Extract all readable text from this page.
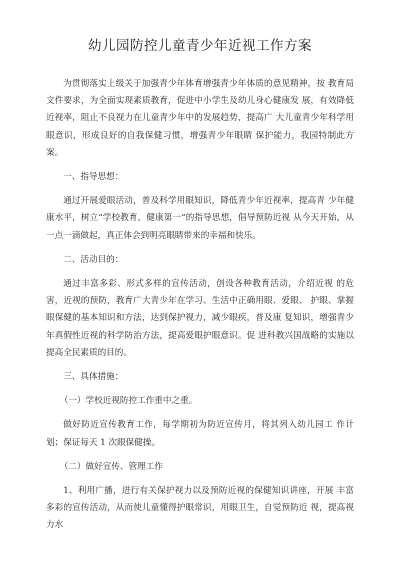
幼儿园防控儿童青少年近视工作方案

为贯彻落实上级关于加强青少年体育增强青少年体质的意见精神，按 教育局文件要求，为全面实现素质教育，促进中小学生及幼儿身心健康发 展，有效降低近视率，阻止不良视力在儿童青少年中的发展趋势，提高广 大儿童青少年科学用眼意识，形成良好的自我保健习惯，增强青少年眼睛 保护能力，我园特制此方案。

一、指导思想：

通过开展爱眼活动，普及科学用眼知识，降低青少年近视率，提高青 少年健康水平，树立“学校教育，健康第一”的指导思想，倡导预防近视 从今天开始，从一点一滴做起，真正体会到明亮眼睛带来的幸福和快乐。

二、活动目的：

通过丰富多彩、形式多样的宣传活动，创设各种教育活动，介绍近视 的危害，近视的预防，教育广大青少年在学习、生活中正确用眼、爱眼、 护眼、掌握眼保健的基本知识和方法，达到保护视力，减少眼疾，普及康 复知识，增强青少年真假性近视的科学防治方法，提高爱眼护眼意识。促 进科教兴国战略的实施以提高全民素质的目的。

三、具体措施：

（一）学校近视防控工作重中之重。

做好防近宣传教育工作，每学期初为防近宣传月，将其列入幼儿园工 作计划；保证每天 1 次眼保健操。

（二）做好宣传、管理工作

1、利用广播，进行有关保护视力以及预防近视的保健知识讲座，开展 丰富多彩的宣传活动，从而使儿童懂得护眼常识，用眼卫生，自觉预防近 视，提高视力水
